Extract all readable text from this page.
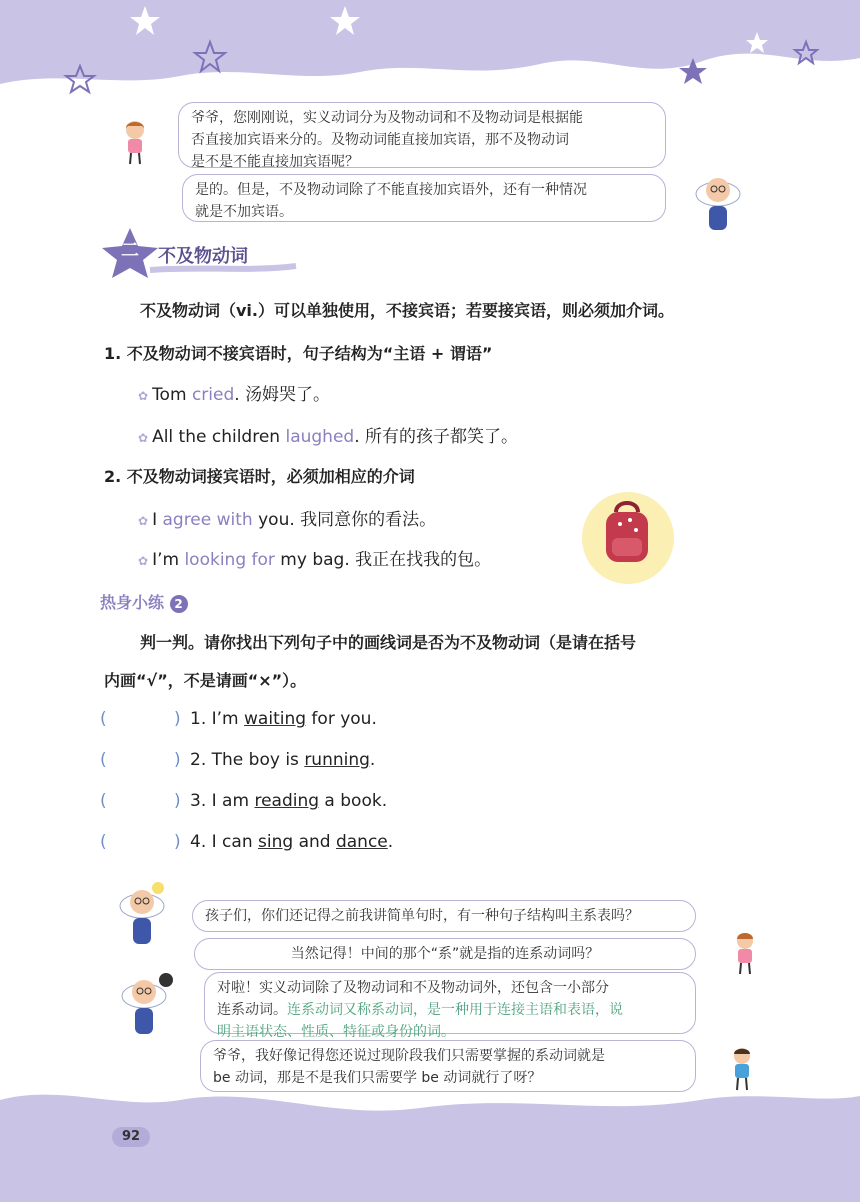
爷爷，您刚刚说，实义动词分为及物动词和不及物动词是根据能
否直接加宾语来分的。及物动词能直接加宾语，那不及物动词
是不是不能直接加宾语呢？
是的。但是，不及物动词除了不能直接加宾语外，还有一种情况
就是不加宾语。
二 不及物动词
不及物动词（vi.）可以单独使用，不接宾语；若要接宾语，则必须加介词。
1. 不及物动词不接宾语时，句子结构为“主语 + 谓语”
✿ Tom cried. 汤姆哭了。
✿ All the children laughed. 所有的孩子都笑了。
2. 不及物动词接宾语时，必须加相应的介词
✿ I agree with you. 我同意你的看法。
✿ I’m looking for my bag. 我正在找我的包。
热身小练 2
判一判。请你找出下列句子中的画线词是否为不及物动词（是请在括号
内画“√”，不是请画“×”）。
(	) 1. I’m waiting for you.
(	) 2. The boy is running.
(	) 3. I am reading a book.
(	) 4. I can sing and dance.
92
孩子们，你们还记得之前我讲简单句时，有一种句子结构叫主系表吗？
当然记得！中间的那个“系”就是指的连系动词吗？
对啦！实义动词除了及物动词和不及物动词外，还包含一小部分
连系动词。连系动词又称系动词，是一种用于连接主语和表语，说
明主语状态、性质、特征或身份的词。
爷爷，我好像记得您还说过现阶段我们只需要掌握的系动词就是
be 动词，那是不是我们只需要学 be 动词就行了呀？
